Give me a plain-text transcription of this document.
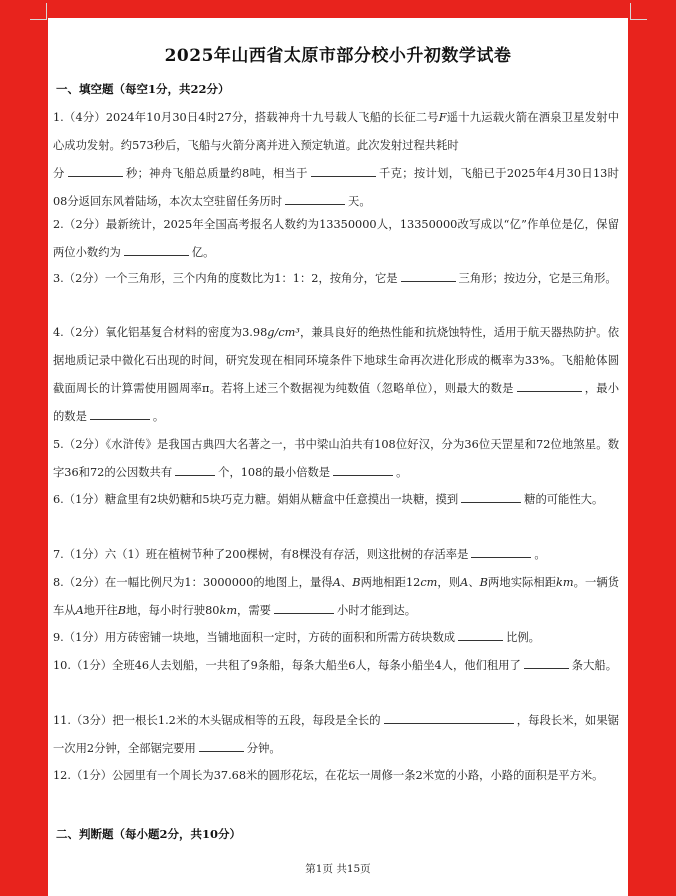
2025年山西省太原市部分校小升初数学试卷
一、填空题（每空1分，共22分）
1.（4分）2024年10月30日4时27分，搭载神舟十九号载人飞船的长征二号F遥十九运载火箭在酒泉卫星发射中心成功发射。约573秒后，飞船与火箭分离并进入预定轨道。此次发射过程共耗时
分	秒；神舟飞船总质量约8吨，相当于	千克；按计划，飞船已于2025年4月30日13时08分返回东风着陆场，本次太空驻留任务历时	天。
2.（2分）最新统计，2025年全国高考报名人数约为13350000人，13350000改写成以“亿”作单位是亿，保留两位小数约为	亿。
3.（2分）一个三角形，三个内角的度数比为1：1：2，按角分，它是	三角形；按边分，它是三角形。
4.（2分）氧化铝基复合材料的密度为3.98g/cm³，兼具良好的绝热性能和抗烧蚀特性，适用于航天器热防护。依据地质记录中微化石出现的时间，研究发现在相同环境条件下地球生命再次进化形成的概率为33%。飞船舱体圆截面周长的计算需使用圆周率π。若将上述三个数据视为纯数值（忽略单位），则最大的数是	，最小的数是	。
5.（2分）《水浒传》是我国古典四大名著之一，书中梁山泊共有108位好汉，分为36位天罡星和72位地煞星。数字36和72的公因数共有	个，108的最小倍数是	。
6.（1分）糖盒里有2块奶糖和5块巧克力糖。娟娟从糖盒中任意摸出一块糖，摸到	糖的可能性大。
7.（1分）六（1）班在植树节种了200棵树，有8棵没有存活，则这批树的存活率是	。
8.（2分）在一幅比例尺为1：3000000的地图上，量得A、B两地相距12cm，则A、B两地实际相距km。一辆货车从A地开往B地，每小时行驶80km，需要	小时才能到达。
9.（1分）用方砖密铺一块地，当铺地面积一定时，方砖的面积和所需方砖块数成	比例。
10.（1分）全班46人去划船，一共租了9条船，每条大船坐6人，每条小船坐4人，他们租用了	条大船。
11.（3分）把一根长1.2米的木头锯成相等的五段，每段是全长的	，每段长米，如果锯一次用2分钟，全部锯完要用	分钟。
12.（1分）公园里有一个周长为37.68米的圆形花坛，在花坛一周修一条2米宽的小路，小路的面积是平方米。
二、判断题（每小题2分，共10分）
第1页 共15页
